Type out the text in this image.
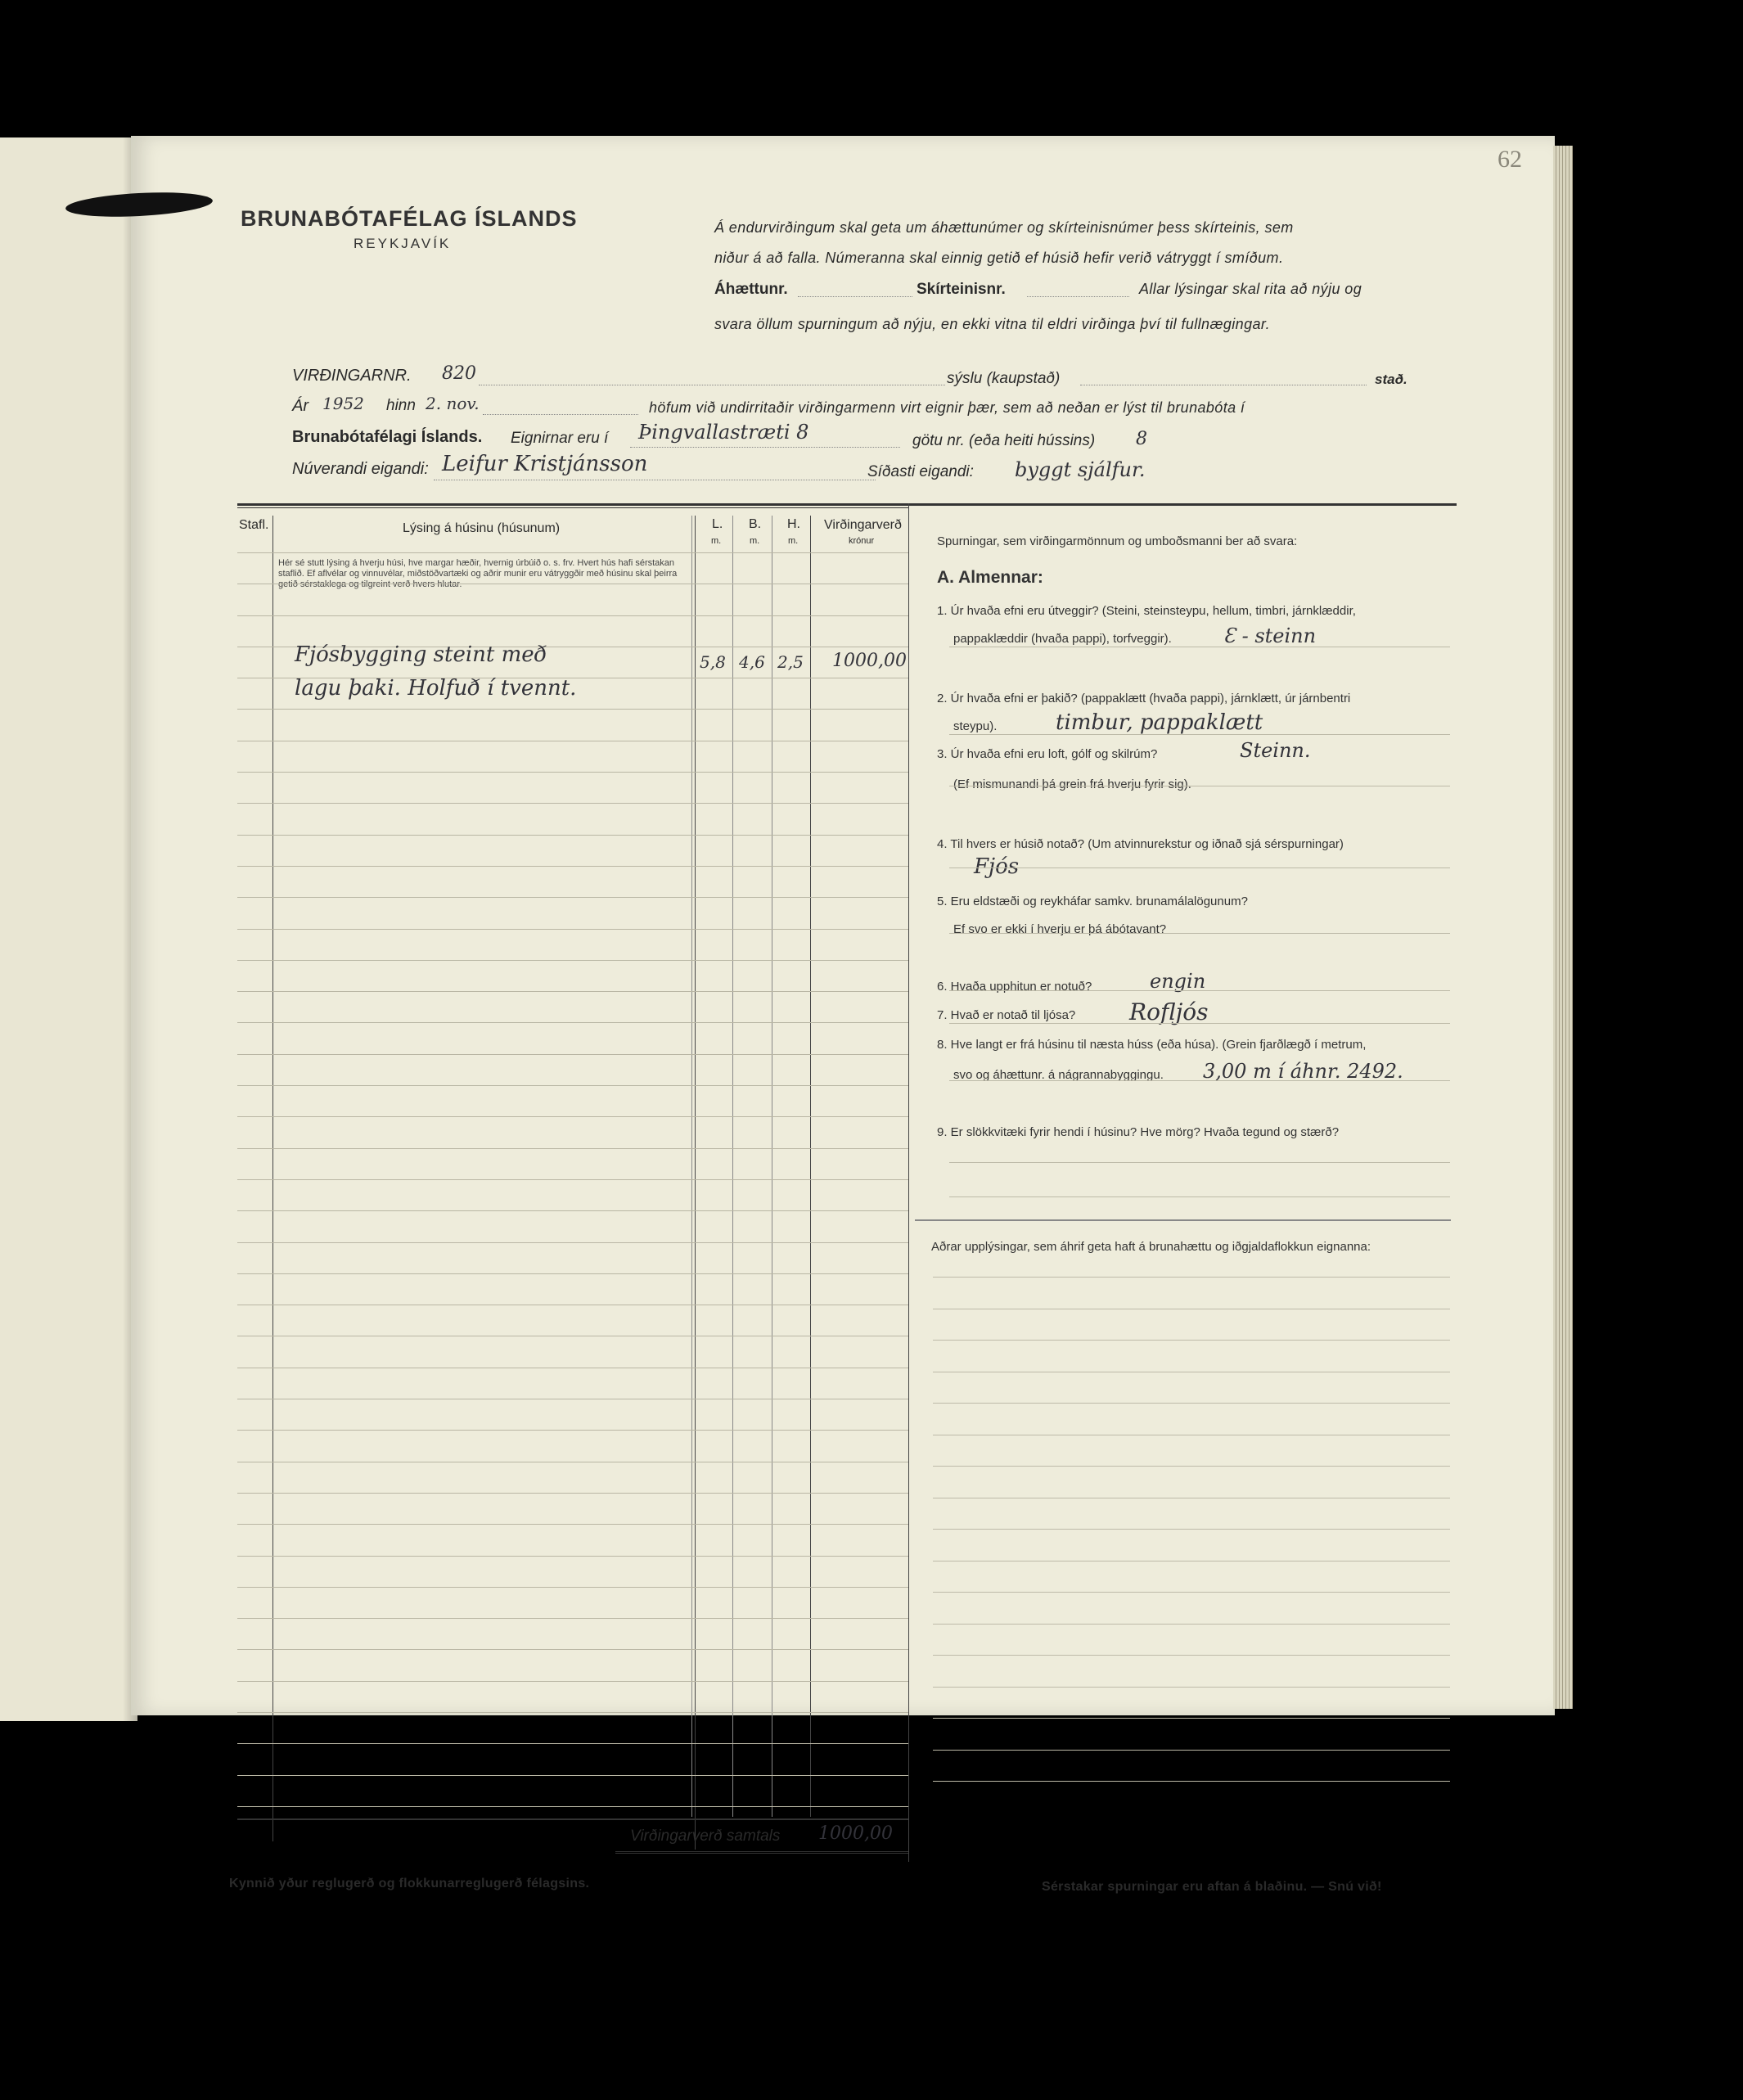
62
BRUNABÓTAFÉLAG ÍSLANDS
REYKJAVÍK
Á endurvirðingum skal geta um áhættunúmer og skírteinisnúmer þess skírteinis, sem
niður á að falla. Númeranna skal einnig getið ef húsið hefir verið vátryggt í smíðum.
Áhættunr.	Skírteinisnr.	Allar lýsingar skal rita að nýju og
svara öllum spurningum að nýju, en ekki vitna til eldri virðinga því til fullnægingar.
VIRÐINGARNR. 820	sýslu (kaupstað)	stað.
Ár 1952 hinn 2. nov.	höfum við undirritaðir virðingarmenn virt eignir þær, sem að neðan er lýst til brunabóta í
Brunabótafélagi Íslands. Eignirnar eru í Þingvallastræti 8	götu nr. (eða heiti hússins) 8
Núverandi eigandi: Leifur Kristjánsson	Síðasti eigandi: byggt sjálfur.
Stafl.	Lýsing á húsinu (húsunum)	L. B. H.
m.	m.	m.
Virðingarverð
krónur
Hér sé stutt lýsing á hverju húsi, hve margar hæðir, hvernig úrbúið o. s. frv. Hvert hús hafi sérstakan staflið. Ef aflvélar og vinnuvélar, miðstöðvartæki og aðrir munir eru vátryggðir með húsinu skal þeirra getið sérstaklega og tilgreint verð hvers hlutar.
Fjósbygging steint með
lagu þaki. Holfuð í tvennt.
5,8 4,6 2,5 1000,00
Virðingarverð samtals 1000,00
Spurningar, sem virðingarmönnum og umboðsmanni ber að svara:
A. Almennar:
1. Úr hvaða efni eru útveggir? (Steini, steinsteypu, hellum, timbri, járnklæddir,
pappaklæddir (hvaða pappi), torfveggir).	Ɛ - steinn
2. Úr hvaða efni er þakið? (pappaklætt (hvaða pappi), járnklætt, úr járnbentri
steypu).	timbur, pappaklætt
3. Úr hvaða efni eru loft, gólf og skilrúm?	Steinn.
(Ef mismunandi þá grein frá hverju fyrir sig).
4. Til hvers er húsið notað? (Um atvinnurekstur og iðnað sjá sérspurningar)
Fjós
5. Eru eldstæði og reykháfar samkv. brunamálalögunum?
Ef svo er ekki í hverju er þá ábótavant?
6. Hvaða upphitun er notuð?	engin
7. Hvað er notað til ljósa? Rofljós
8. Hve langt er frá húsinu til næsta húss (eða húsa). (Grein fjarðlægð í metrum,
svo og áhættunr. á nágrannabyggingu. 3,00 m í áhnr. 2492.
9. Er slökkvitæki fyrir hendi í húsinu? Hve mörg? Hvaða tegund og stærð?
Aðrar upplýsingar, sem áhrif geta haft á brunahættu og iðgjaldaflokkun eignanna:
Kynnið yður reglugerð og flokkunarreglugerð félagsins.	Sérstakar spurningar eru aftan á blaðinu. — Snú við!
